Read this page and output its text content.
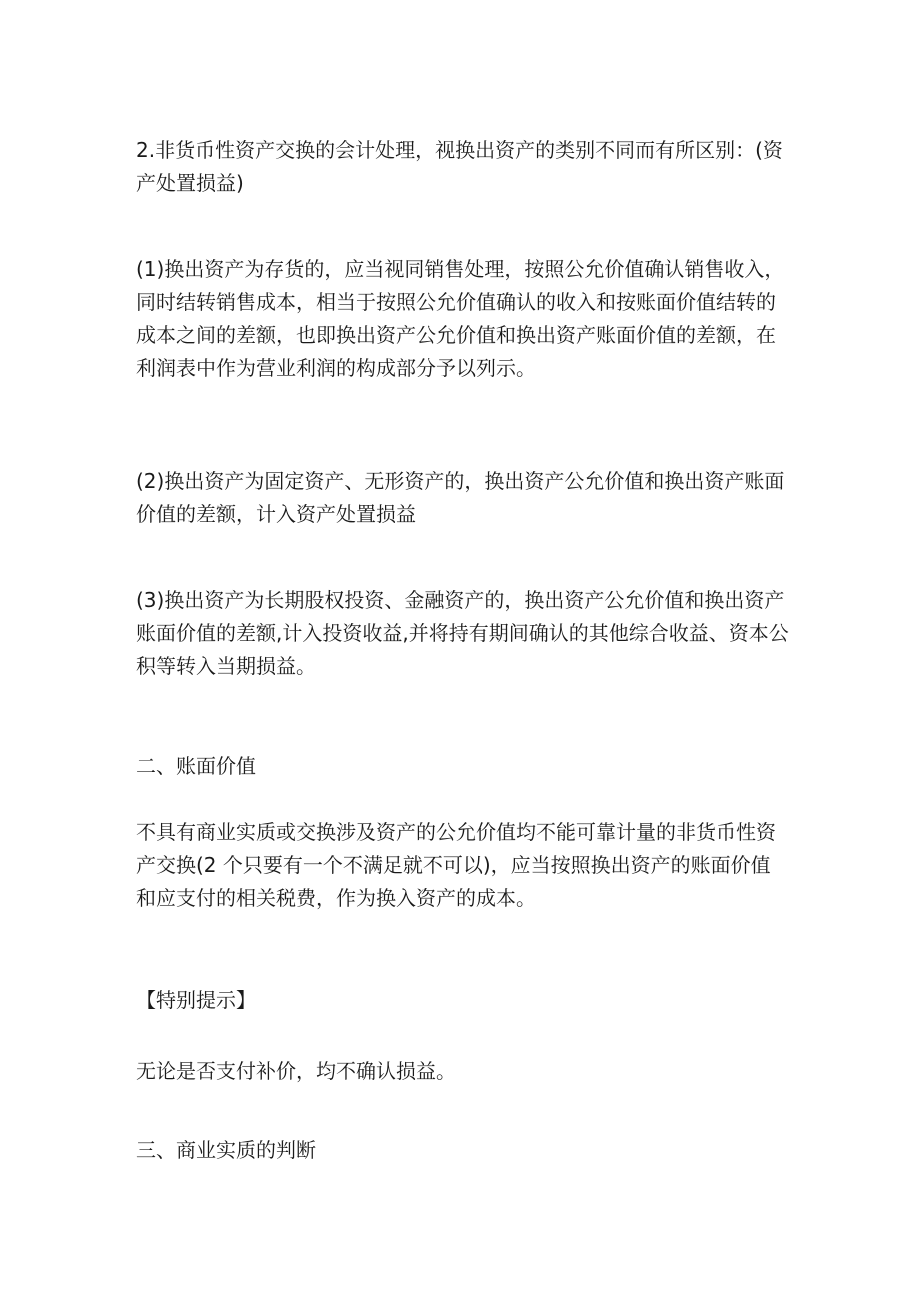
2.非货币性资产交换的会计处理，视换出资产的类别不同而有所区别：(资
产处置损益)

(1)换出资产为存货的，应当视同销售处理，按照公允价值确认销售收入，
同时结转销售成本，相当于按照公允价值确认的收入和按账面价值结转的
成本之间的差额，也即换出资产公允价值和换出资产账面价值的差额，在
利润表中作为营业利润的构成部分予以列示。

(2)换出资产为固定资产、无形资产的，换出资产公允价值和换出资产账面
价值的差额，计入资产处置损益

(3)换出资产为长期股权投资、金融资产的，换出资产公允价值和换出资产
账面价值的差额,计入投资收益,并将持有期间确认的其他综合收益、资本公
积等转入当期损益。

二、账面价值

不具有商业实质或交换涉及资产的公允价值均不能可靠计量的非货币性资
产交换(2 个只要有一个不满足就不可以)，应当按照换出资产的账面价值
和应支付的相关税费，作为换入资产的成本。

【特别提示】

无论是否支付补价，均不确认损益。

三、商业实质的判断
